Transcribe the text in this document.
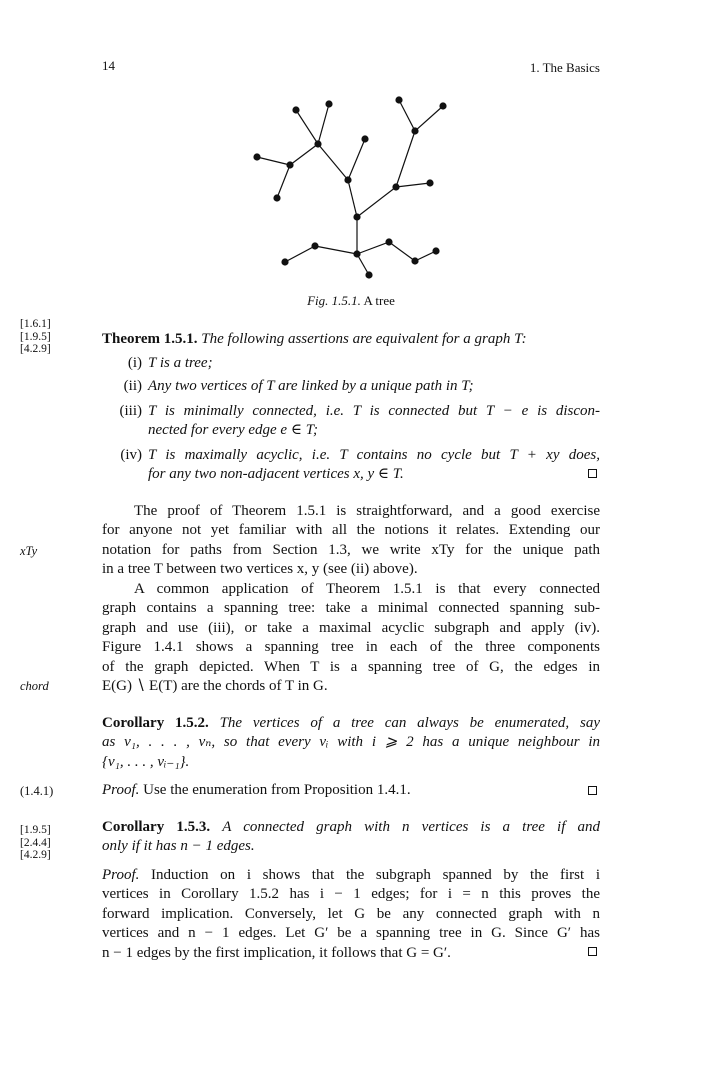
14	1. The Basics
Fig. 1.5.1. A tree
[1.6.1]
[1.9.5]
[4.2.9]
Theorem 1.5.1. The following assertions are equivalent for a graph T:
(i) T is a tree;
(ii) Any two vertices of T are linked by a unique path in T;
(iii) T is minimally connected, i.e. T is connected but T − e is discon-
nected for every edge e ∈ T;
(iv) T is maximally acyclic, i.e. T contains no cycle but T + xy does,
for any two non-adjacent vertices x, y ∈ T.
The proof of Theorem 1.5.1 is straightforward, and a good exercise
for anyone not yet familiar with all the notions it relates. Extending our
notation for paths from Section 1.3, we write xTy for the unique path
in a tree T between two vertices x, y (see (ii) above).
xTy
A common application of Theorem 1.5.1 is that every connected
graph contains a spanning tree: take a minimal connected spanning sub-
graph and use (iii), or take a maximal acyclic subgraph and apply (iv).
Figure 1.4.1 shows a spanning tree in each of the three components
of the graph depicted. When T is a spanning tree of G, the edges in
E(G) ∖ E(T) are the chords of T in G.
chord
Corollary 1.5.2. The vertices of a tree can always be enumerated, say
as v₁, . . . , vₙ, so that every vᵢ with i ⩾ 2 has a unique neighbour in
{v₁, . . . , vᵢ₋₁}.
(1.4.1)	Proof. Use the enumeration from Proposition 1.4.1.
[1.9.5]
[2.4.4]
[4.2.9]
Corollary 1.5.3. A connected graph with n vertices is a tree if and
only if it has n − 1 edges.
Proof. Induction on i shows that the subgraph spanned by the first i
vertices in Corollary 1.5.2 has i − 1 edges; for i = n this proves the
forward implication. Conversely, let G be any connected graph with n
vertices and n − 1 edges. Let G′ be a spanning tree in G. Since G′ has
n − 1 edges by the first implication, it follows that G = G′.
